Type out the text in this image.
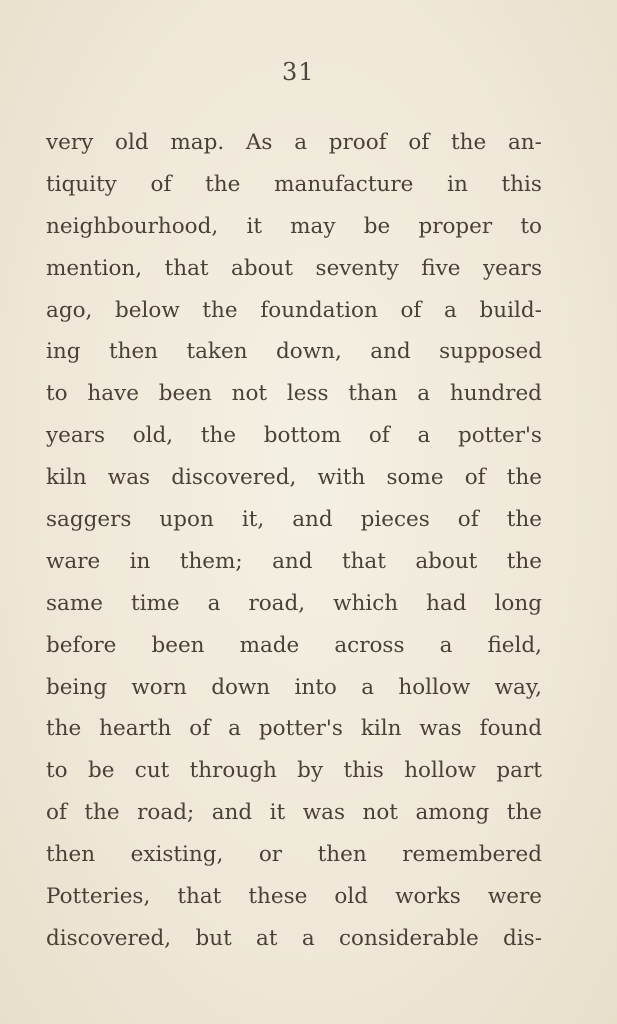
31
very old map. As a proof of the an-
tiquity of the manufacture in this
neighbourhood, it may be proper to
mention, that about seventy five years
ago, below the foundation of a build-
ing then taken down, and supposed
to have been not less than a hundred
years old, the bottom of a potter's
kiln was discovered, with some of the
saggers upon it, and pieces of the
ware in them; and that about the
same time a road, which had long
before been made across a field,
being worn down into a hollow way,
the hearth of a potter's kiln was found
to be cut through by this hollow part
of the road; and it was not among the
then existing, or then remembered
Potteries, that these old works were
discovered, but at a considerable dis-
